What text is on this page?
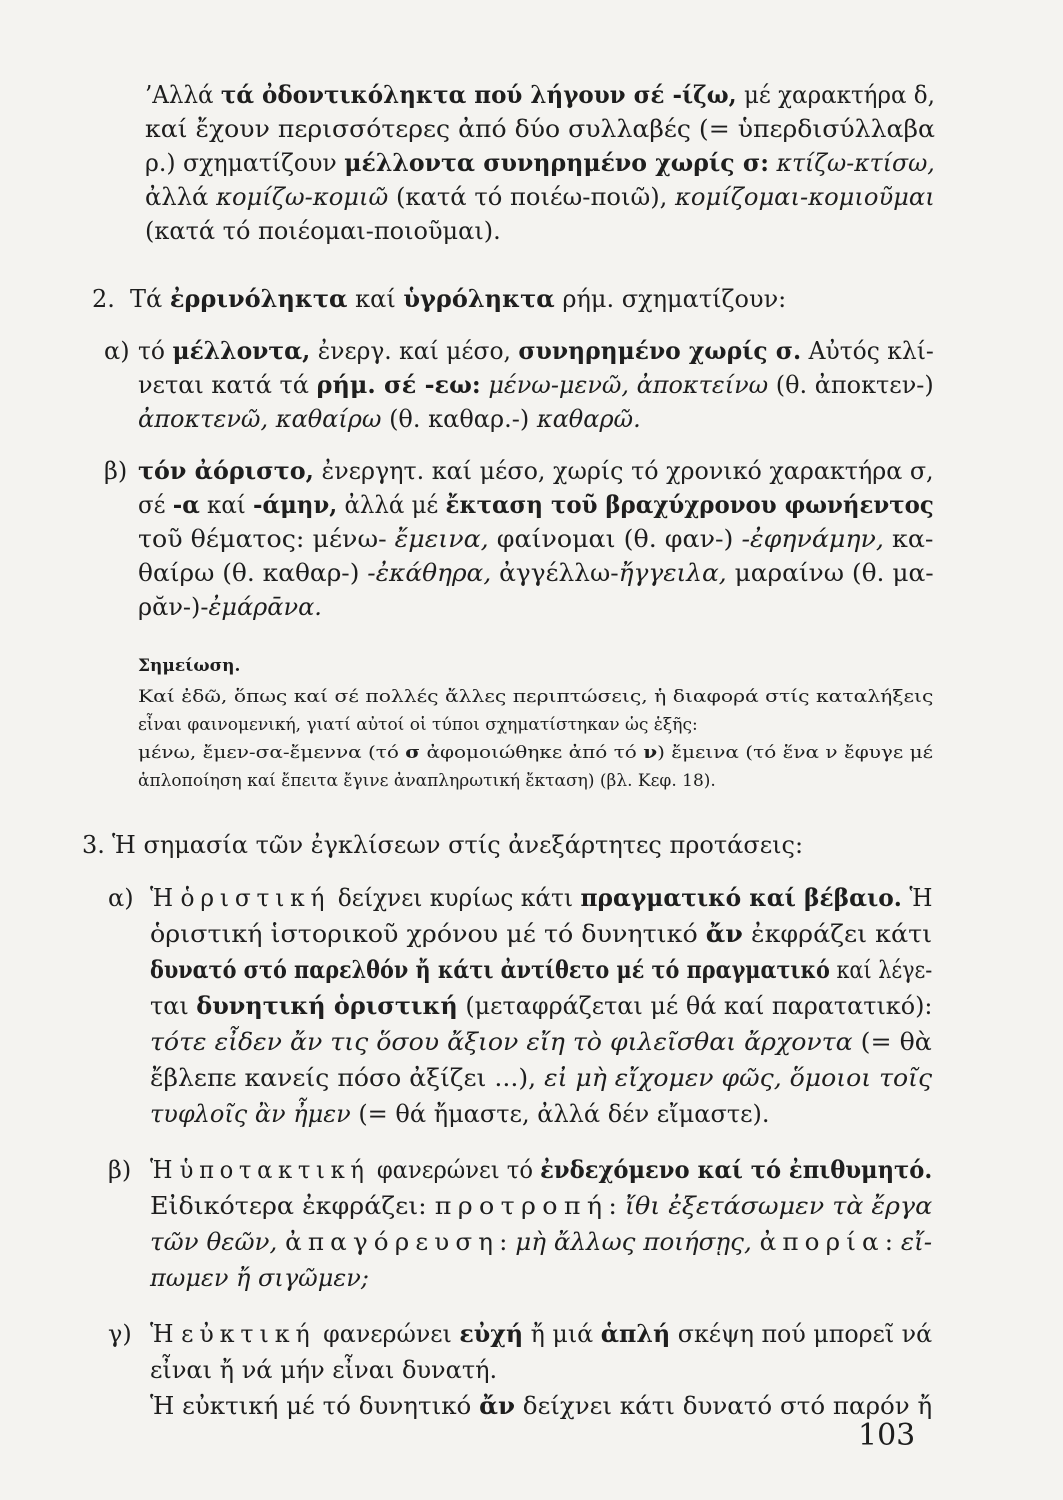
’Αλλά τά ὀδοντικόληκτα πού λήγουν σέ -ίζω, μέ χαρακτήρα δ,
καί ἔχουν περισσότερες ἀπό δύο συλλαβές (= ὑπερδισύλλαβα
ρ.) σχηματίζουν μέλλοντα συνηρημένο χωρίς σ: κτίζω-κτίσω,
ἀλλά κομίζω-κομιῶ (κατά τό ποιέω-ποιῶ), κομίζομαι-κομιοῦμαι
(κατά τό ποιέομαι-ποιοῦμαι).
2. Τά ἐρρινόληκτα καί ὑγρόληκτα ρήμ. σχηματίζουν:
α) τό μέλλοντα, ἐνεργ. καί μέσο, συνηρημένο χωρίς σ. Αὐτός κλί-
νεται κατά τά ρήμ. σέ -εω: μένω-μενῶ, ἀποκτείνω (θ. ἀποκτεν-)
ἀποκτενῶ, καθαίρω (θ. καθαρ.-) καθαρῶ.
β) τόν ἀόριστο, ἐνεργητ. καί μέσο, χωρίς τό χρονικό χαρακτήρα σ,
σέ -α καί -άμην, ἀλλά μέ ἔκταση τοῦ βραχύχρονου φωνήεντος
τοῦ θέματος: μένω- ἔμεινα, φαίνομαι (θ. φαν-) -ἐφηνάμην, κα-
θαίρω (θ. καθαρ-) -ἐκάθηρα, ἀγγέλλω-ἤγγειλα, μαραίνω (θ. μα-
ρᾰν-)-ἐμάρᾱνα.
Σημείωση.
Καί ἐδῶ, ὅπως καί σέ πολλές ἄλλες περιπτώσεις, ἡ διαφορά στίς καταλήξεις
εἶναι φαινομενική, γιατί αὐτοί οἱ τύποι σχηματίστηκαν ὡς ἑξῆς:
μένω, ἔμεν-σα-ἔμεννα (τό σ ἀφομοιώθηκε ἀπό τό ν) ἔμεινα (τό ἕνα ν ἔφυγε μέ
ἁπλοποίηση καί ἔπειτα ἔγινε ἀναπληρωτική ἔκταση) (βλ. Κεφ. 18).
3. Ἡ σημασία τῶν ἐγκλίσεων στίς ἀνεξάρτητες προτάσεις:
α) Ἡ ὁριστική δείχνει κυρίως κάτι πραγματικό καί βέβαιο. Ἡ
ὁριστική ἱστορικοῦ χρόνου μέ τό δυνητικό ἄν ἐκφράζει κάτι
δυνατό στό παρελθόν ἤ κάτι ἀντίθετο μέ τό πραγματικό καί λέγε-
ται δυνητική ὁριστική (μεταφράζεται μέ θά καί παρατατικό):
τότε εἶδεν ἄν τις ὅσου ἄξιον εἴη τὸ φιλεῖσθαι ἄρχοντα (= θὰ
ἔβλεπε κανείς πόσο ἀξίζει ...), εἰ μὴ εἴχομεν φῶς, ὅμοιοι τοῖς
τυφλοῖς ἂν ἦμεν (= θά ἤμαστε, ἀλλά δέν εἴμαστε).
β) Ἡ ὑποτακτική φανερώνει τό ἐνδεχόμενο καί τό ἐπιθυμητό.
Εἰδικότερα ἐκφράζει: προτροπή: ἴθι ἐξετάσωμεν τὰ ἔργα
τῶν θεῶν, ἀπαγόρευση: μὴ ἄλλως ποιήσῃς, ἀπορία: εἴ-
πωμεν ἤ σιγῶμεν;
γ) Ἡ εὐκτική φανερώνει εὐχή ἤ μιά ἁπλή σκέψη πού μπορεῖ νά
εἶναι ἤ νά μήν εἶναι δυνατή.
Ἡ εὐκτική μέ τό δυνητικό ἄν δείχνει κάτι δυνατό στό παρόν ἤ
103
